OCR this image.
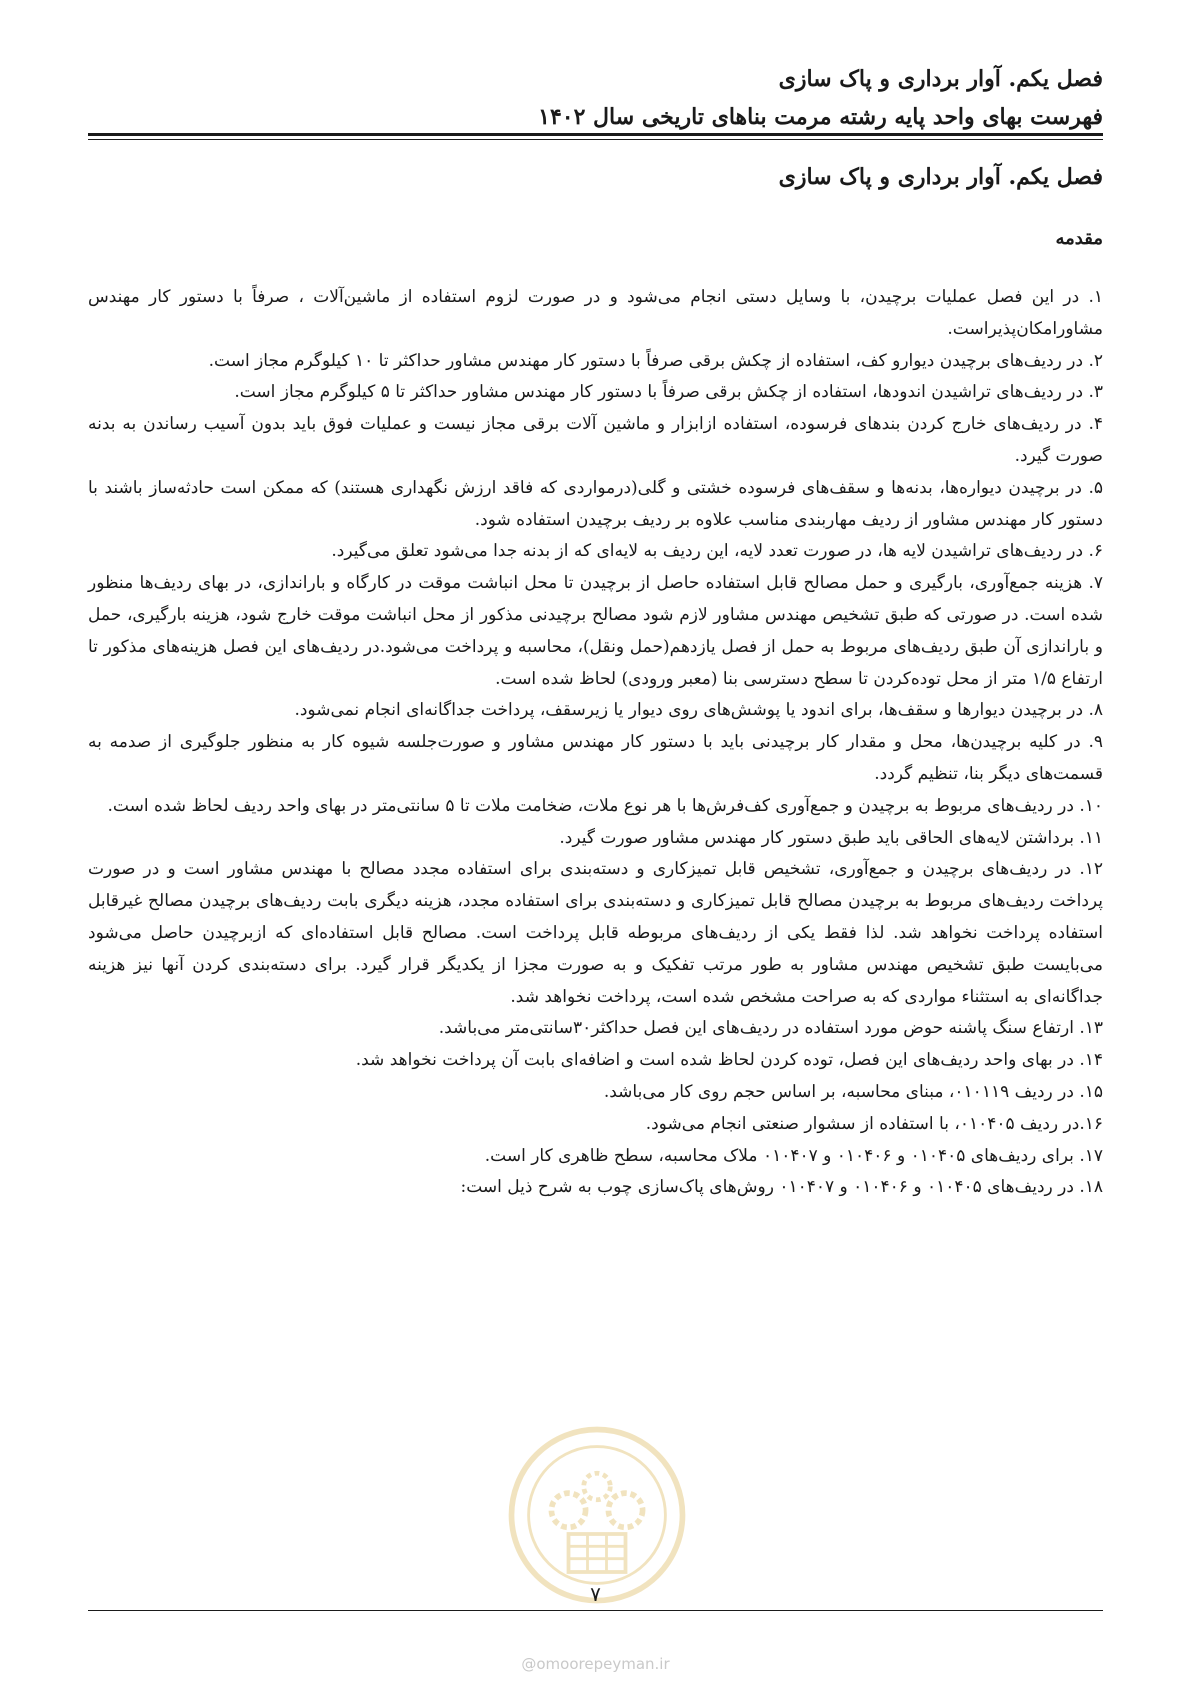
فصل یکم. آوار برداری و پاک سازی
فهرست بهای واحد پایه رشته مرمت بناهای تاریخی سال ۱۴۰۲
فصل یکم. آوار برداری و پاک سازی
مقدمه

۱. در این فصل عملیات برچیدن، با وسایل دستی انجام می‌شود و در صورت لزوم استفاده از ماشین‌آلات ، صرفاً با دستور کار مهندس مشاورامکان‌پذیراست.

۲. در ردیف‌های برچیدن دیوارو کف، استفاده از چکش برقی صرفاً با دستور کار مهندس مشاور حداکثر تا ۱۰ کیلوگرم مجاز است.

۳. در ردیف‌های تراشیدن اندودها، استفاده از چکش برقی صرفاً با دستور کار مهندس مشاور حداکثر تا ۵ کیلوگرم مجاز است.

۴. در ردیف‌های خارج کردن بندهای فرسوده، استفاده ازابزار و ماشین آلات برقی مجاز نیست و عملیات فوق باید بدون آسیب رساندن به بدنه صورت گیرد.

۵. در برچیدن دیواره‌ها، بدنه‌ها و سقف‌های فرسوده خشتی و گلی(درمواردی که فاقد ارزش نگهداری هستند) که ممکن است حادثه‌ساز باشند با دستور کار مهندس مشاور از ردیف مهاربندی مناسب علاوه بر ردیف برچیدن استفاده شود.

۶. در ردیف‌های تراشیدن لایه ها، در صورت تعدد لایه، این ردیف به لایه‌ای که از بدنه جدا می‌شود تعلق می‌گیرد.

۷. هزینه جمع‌آوری، بارگیری و حمل مصالح قابل استفاده حاصل از برچیدن تا محل انباشت موقت در کارگاه و باراندازی، در بهای ردیف‌ها منظور شده است. در صورتی که طبق تشخیص مهندس مشاور لازم شود مصالح برچیدنی مذکور از محل انباشت موقت خارج شود، هزینه بارگیری، حمل و باراندازی آن طبق ردیف‌های مربوط به حمل از فصل یازدهم(حمل ونقل)، محاسبه و پرداخت می‌شود.در ردیف‌های این فصل هزینه‌های مذکور تا ارتفاع ۱/۵ متر از محل توده‌کردن تا سطح دسترسی بنا (معبر ورودی) لحاظ شده است.

۸. در برچیدن دیوارها و سقف‌ها، برای اندود یا پوشش‌های روی دیوار یا زیرسقف، پرداخت جداگانه‌ای انجام نمی‌شود.

۹. در کلیه برچیدن‌ها، محل و مقدار کار برچیدنی باید با دستور کار مهندس مشاور و صورت‌جلسه شیوه کار به منظور جلوگیری از صدمه به قسمت‌های دیگر بنا، تنظیم گردد.

۱۰. در ردیف‌های مربوط به برچیدن و جمع‌آوری کف‌فرش‌ها با هر نوع ملات، ضخامت ملات تا ۵ سانتی‌متر در بهای واحد ردیف لحاظ شده است.

۱۱. برداشتن لایه‌های الحاقی باید طبق دستور کار مهندس مشاور صورت گیرد.

۱۲. در ردیف‌های برچیدن و جمع‌آوری، تشخیص قابل تمیزکاری و دسته‌بندی برای استفاده مجدد مصالح با مهندس مشاور است و در صورت پرداخت ردیف‌های مربوط به برچیدن مصالح قابل تمیزکاری و دسته‌بندی برای استفاده مجدد، هزینه دیگری بابت ردیف‌های برچیدن مصالح غیرقابل استفاده پرداخت نخواهد شد. لذا فقط یکی از ردیف‌های مربوطه قابل پرداخت است. مصالح قابل استفاده‌ای که ازبرچیدن حاصل می‌شود می‌بایست طبق تشخیص مهندس مشاور به طور مرتب تفکیک و به صورت مجزا از یکدیگر قرار گیرد. برای دسته‌بندی کردن آنها نیز هزینه جداگانه‌ای به استثناء مواردی که به صراحت مشخص شده است، پرداخت نخواهد شد.

۱۳. ارتفاع سنگ پاشنه حوض مورد استفاده در ردیف‌های این فصل حداکثر۳۰سانتی‌متر می‌باشد.

۱۴. در بهای واحد ردیف‌های این فصل، توده کردن لحاظ شده است و اضافه‌ای بابت آن پرداخت نخواهد شد.

۱۵. در ردیف ۰۱۰۱۱۹، مبنای محاسبه، بر اساس حجم روی کار می‌باشد.

۱۶.در ردیف ۰۱۰۴۰۵، با استفاده از سشوار صنعتی انجام می‌شود.

۱۷. برای ردیف‌های ۰۱۰۴۰۵ و ۰۱۰۴۰۶ و ۰۱۰۴۰۷ ملاک محاسبه، سطح ظاهری کار است.

۱۸. در ردیف‌های ۰۱۰۴۰۵ و ۰۱۰۴۰۶ و ۰۱۰۴۰۷ روش‌های پاک‌سازی چوب به شرح ذیل است:

۷
@omoorepeyman.ir
